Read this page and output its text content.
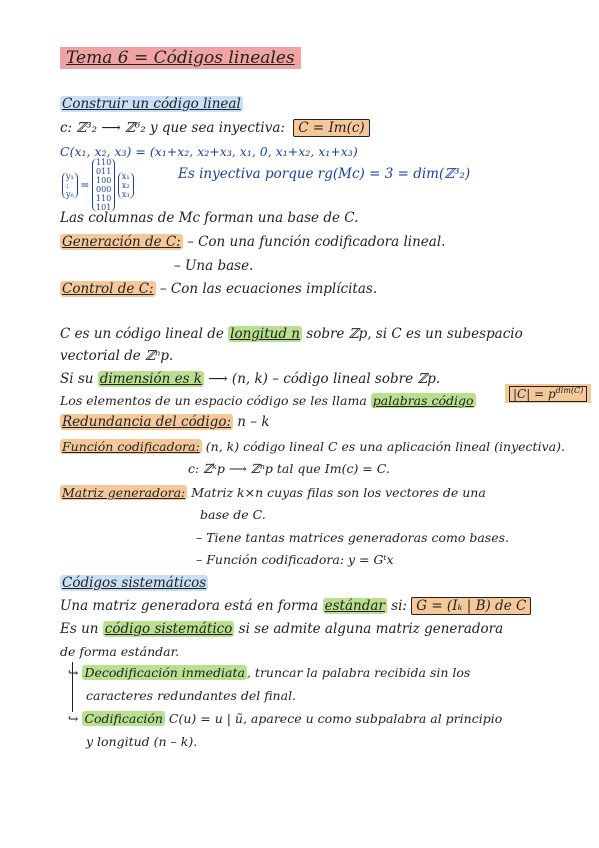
Tema 6 = Códigos lineales
Construir un código lineal
c: ℤ³₂ ⟶ ℤ⁶₂ y que sea inyectiva: C = Im(c)
C(x₁, x₂, x₃) = (x₁+x₂, x₂+x₃, x₁, 0, x₁+x₂, x₁+x₃)
y₁
:
y₆
=
110
011
100
000
110
101

x₁
x₂
x₃
Es inyectiva porque rg(Mc) = 3 = dim(ℤ³₂)
Las columnas de Mc forman una base de C.
Generación de C: – Con una función codificadora lineal.
– Una base.
Control de C: – Con las ecuaciones implícitas.
C es un código lineal de longitud n sobre ℤp, si C es un subespacio
vectorial de ℤⁿp.
Si su dimensión es k ⟶ (n, k) – código lineal sobre ℤp.
Los elementos de un espacio código se les llama palabras código	$|C| = p^{dim(C)}$
Redundancia del código: n – k
Función codificadora: (n, k) código lineal C es una aplicación lineal (inyectiva).
c: ℤᵏp ⟶ ℤⁿp tal que Im(c) = C.
Matriz generadora: Matriz k×n cuyas filas son los vectores de una
base de C.
– Tiene tantas matrices generadoras como bases.
– Función codificadora: y = Gᵗx
Códigos sistemáticos
Una matriz generadora está en forma estándar si: G = (Iₖ | B) de C
Es un código sistemático si se admite alguna matriz generadora
de forma estándar.
↪ Decodificación inmediata , truncar la palabra recibida sin los
caracteres redundantes del final.
↪ Codificación C(u) = u | ũ, aparece u como subpalabra al principio
y longitud (n – k).
